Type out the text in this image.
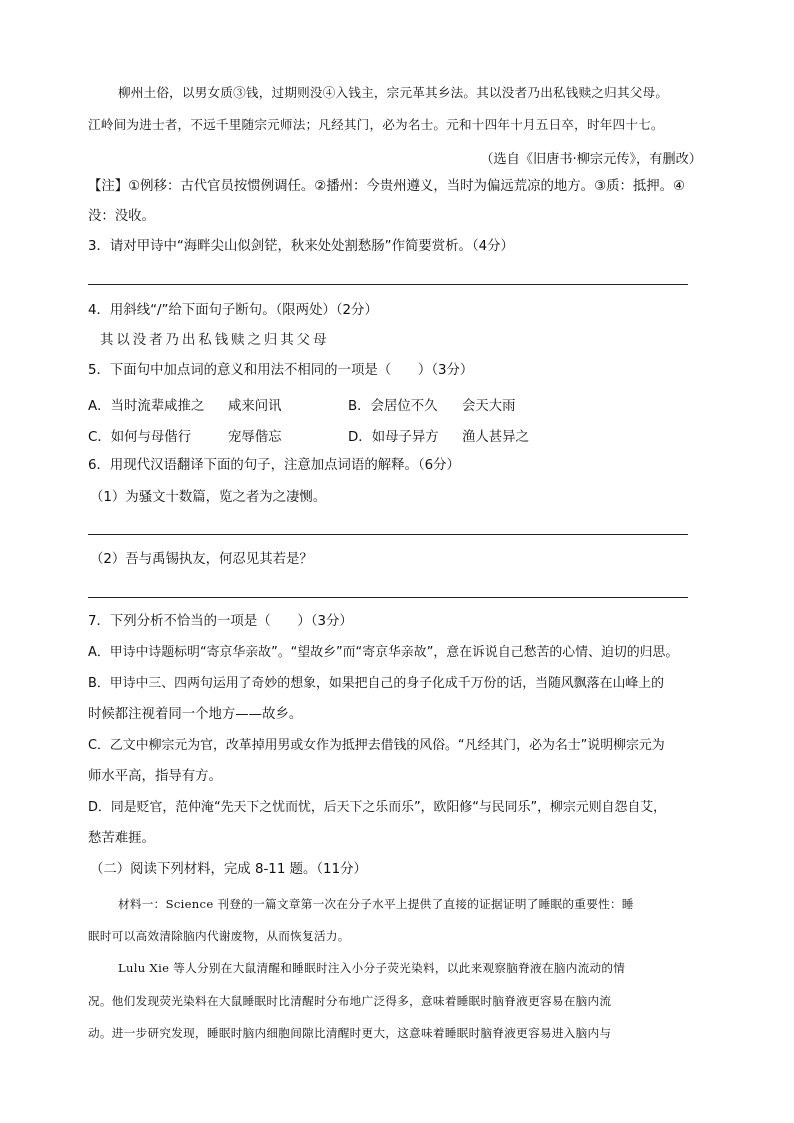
柳州土俗，以男女质③钱，过期则没④入钱主，宗元革其乡法。其以没者乃出私钱赎之归其父母。
江岭间为进士者，不远千里随宗元师法；凡经其门，必为名士。元和十四年十月五日卒，时年四十七。
（选自《旧唐书·柳宗元传》，有删改）
【注】①例移：古代官员按惯例调任。②播州：今贵州遵义，当时为偏远荒凉的地方。③质：抵押。④
没：没收。
3．请对甲诗中“海畔尖山似剑铓，秋来处处割愁肠”作简要赏析。（4分）
4．用斜线“/”给下面句子断句。（限两处）（2分）
其以没者乃出私钱赎之归其父母
5．下面句中加点词的意义和用法不相同的一项是（　　）（3分）
A．当时流辈咸推之 咸来问讯	B．会居位不久 会天大雨
C．如何与母偕行	宠辱偕忘	D．如母子异方 渔人甚异之
6．用现代汉语翻译下面的句子，注意加点词语的解释。（6分）
（1）为骚文十数篇，览之者为之凄恻。
（2）吾与禹锡执友，何忍见其若是？
7．下列分析不恰当的一项是（　　）（3分）
A．甲诗中诗题标明“寄京华亲故”。“望故乡”而“寄京华亲故”，意在诉说自己愁苦的心情、迫切的归思。
B．甲诗中三、四两句运用了奇妙的想象，如果把自己的身子化成千万份的话，当随风飘落在山峰上的
时候都注视着同一个地方——故乡。
C．乙文中柳宗元为官，改革掉用男或女作为抵押去借钱的风俗。“凡经其门，必为名士”说明柳宗元为
师水平高，指导有方。
D．同是贬官，范仲淹“先天下之忧而忧，后天下之乐而乐”，欧阳修“与民同乐”，柳宗元则自怨自艾，
愁苦难捱。
（二）阅读下列材料，完成 8-11 题。（11分）
材料一：Science 刊登的一篇文章第一次在分子水平上提供了直接的证据证明了睡眠的重要性：睡
眠时可以高效清除脑内代谢废物，从而恢复活力。
Lulu Xie 等人分别在大鼠清醒和睡眠时注入小分子荧光染料，以此来观察脑脊液在脑内流动的情
况。他们发现荧光染料在大鼠睡眠时比清醒时分布地广泛得多，意味着睡眠时脑脊液更容易在脑内流
动。进一步研究发现，睡眠时脑内细胞间隙比清醒时更大，这意味着睡眠时脑脊液更容易进入脑内与
